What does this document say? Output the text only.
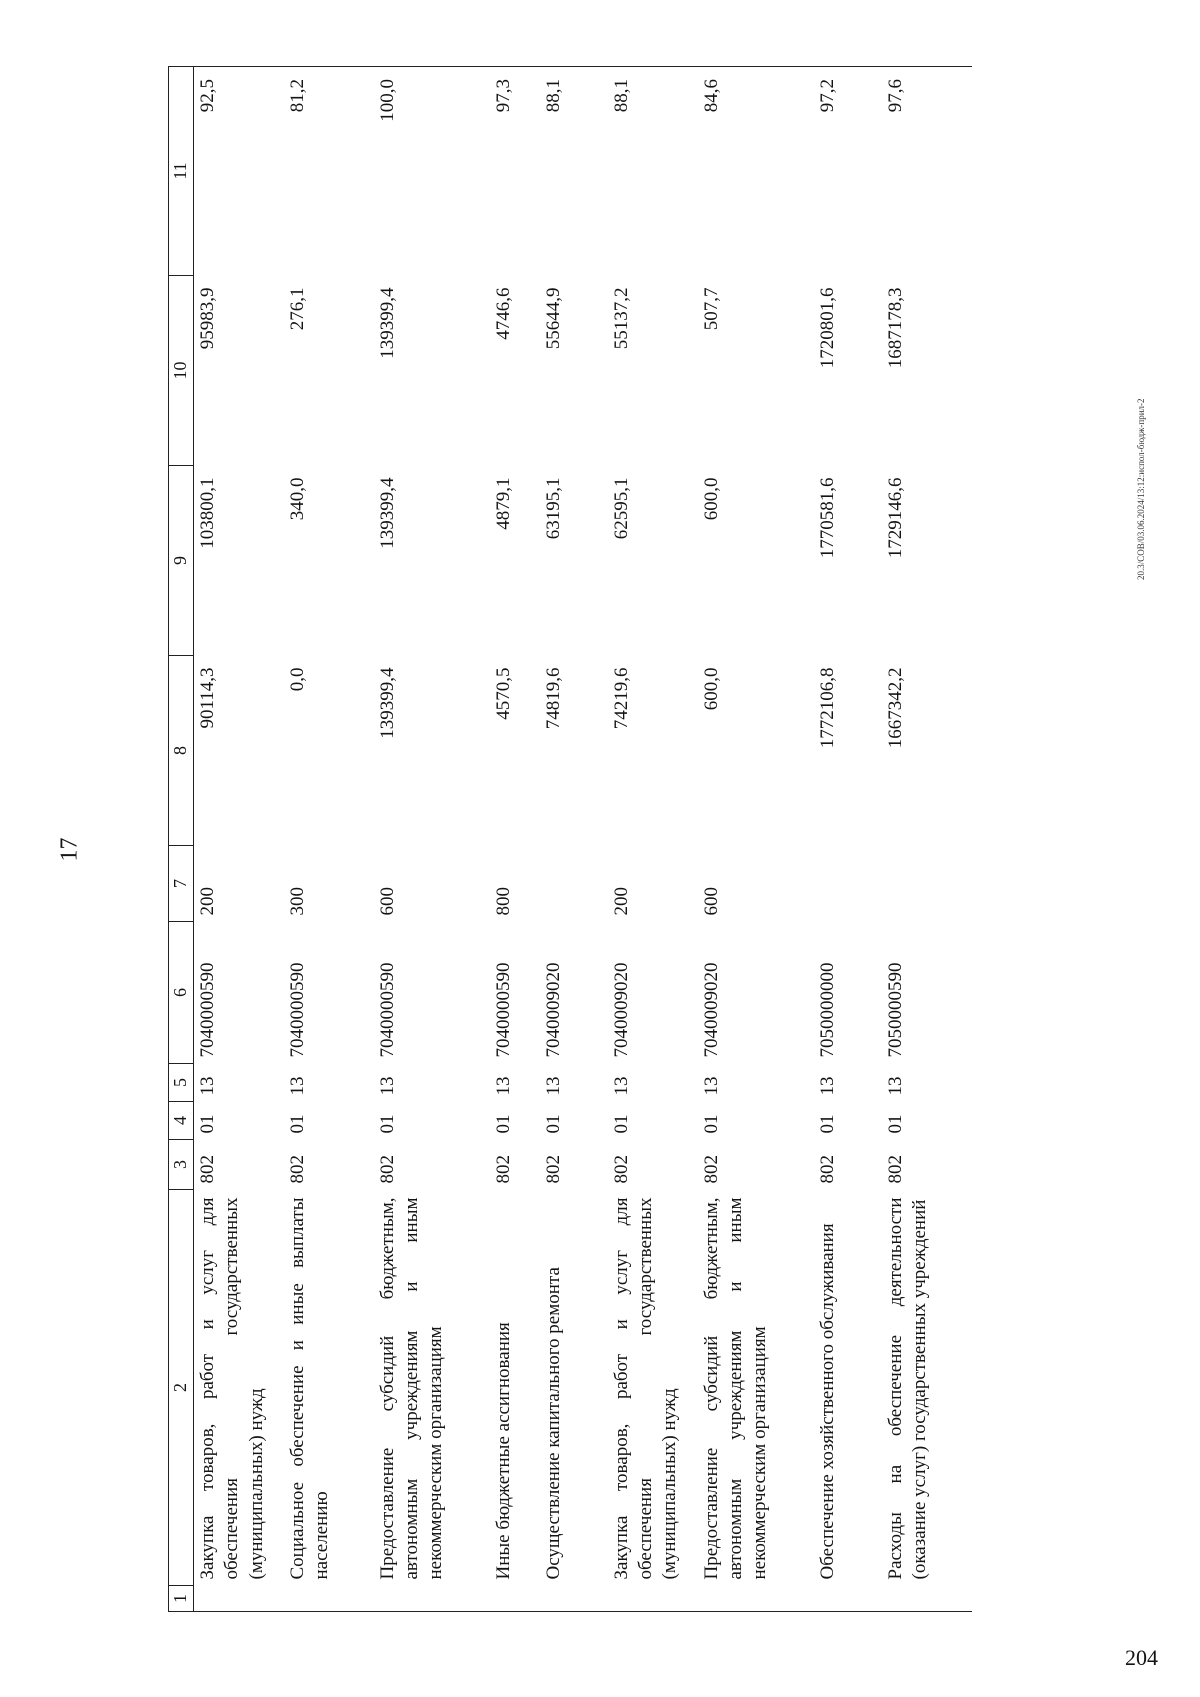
17
20.3/СОВ/03.06.2024/13:12:испол-бюдж-прил-2
204
1	2	3	4	5	6	7	8	9	10	11
	Закупка товаров, работ и услуг для обеспечения государственных (муниципальных) нужд	802	01	13	7040000590	200	90114,3	103800,1	95983,9	92,5
	Социальное обеспечение и иные выплаты населению	802	01	13	7040000590	300	0,0	340,0	276,1	81,2
	Предоставление субсидий бюджетным, автономным учреждениям и иным некоммерческим организациям	802	01	13	7040000590	600	139399,4	139399,4	139399,4	100,0
	Иные бюджетные ассигнования	802	01	13	7040000590	800	4570,5	4879,1	4746,6	97,3
	Осуществление капитального ремонта	802	01	13	7040009020		74819,6	63195,1	55644,9	88,1
	Закупка товаров, работ и услуг для обеспечения государственных (муниципальных) нужд	802	01	13	7040009020	200	74219,6	62595,1	55137,2	88,1
	Предоставление субсидий бюджетным, автономным учреждениям и иным некоммерческим организациям	802	01	13	7040009020	600	600,0	600,0	507,7	84,6
	Обеспечение хозяйственного обслуживания	802	01	13	7050000000		1772106,8	1770581,6	1720801,6	97,2
	Расходы на обеспечение деятельности (оказание услуг) государственных учреждений	802	01	13	7050000590		1667342,2	1729146,6	1687178,3	97,6
